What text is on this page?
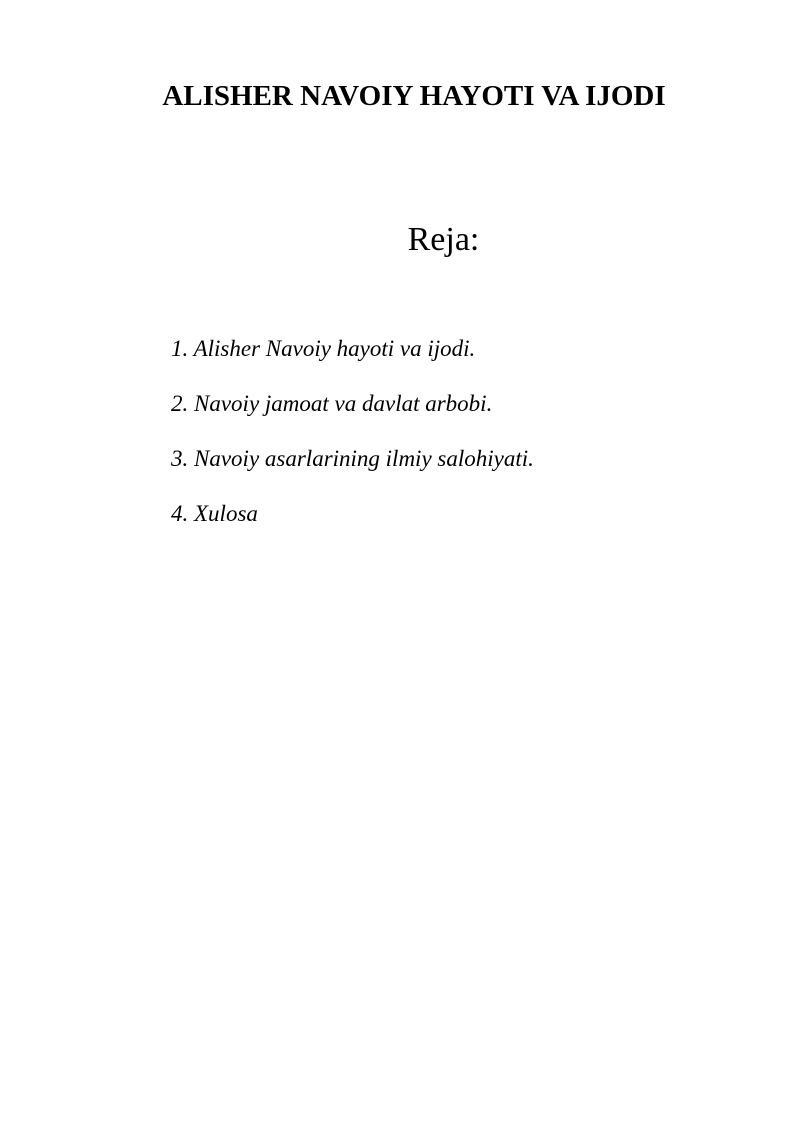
ALISHER NAVOIY HAYOTI VA IJODI
Reja:
1. Alisher Navoiy hayoti va ijodi.
2. Navoiy jamoat va davlat arbobi.
3. Navoiy asarlarining ilmiy salohiyati.
4. Xulosa
